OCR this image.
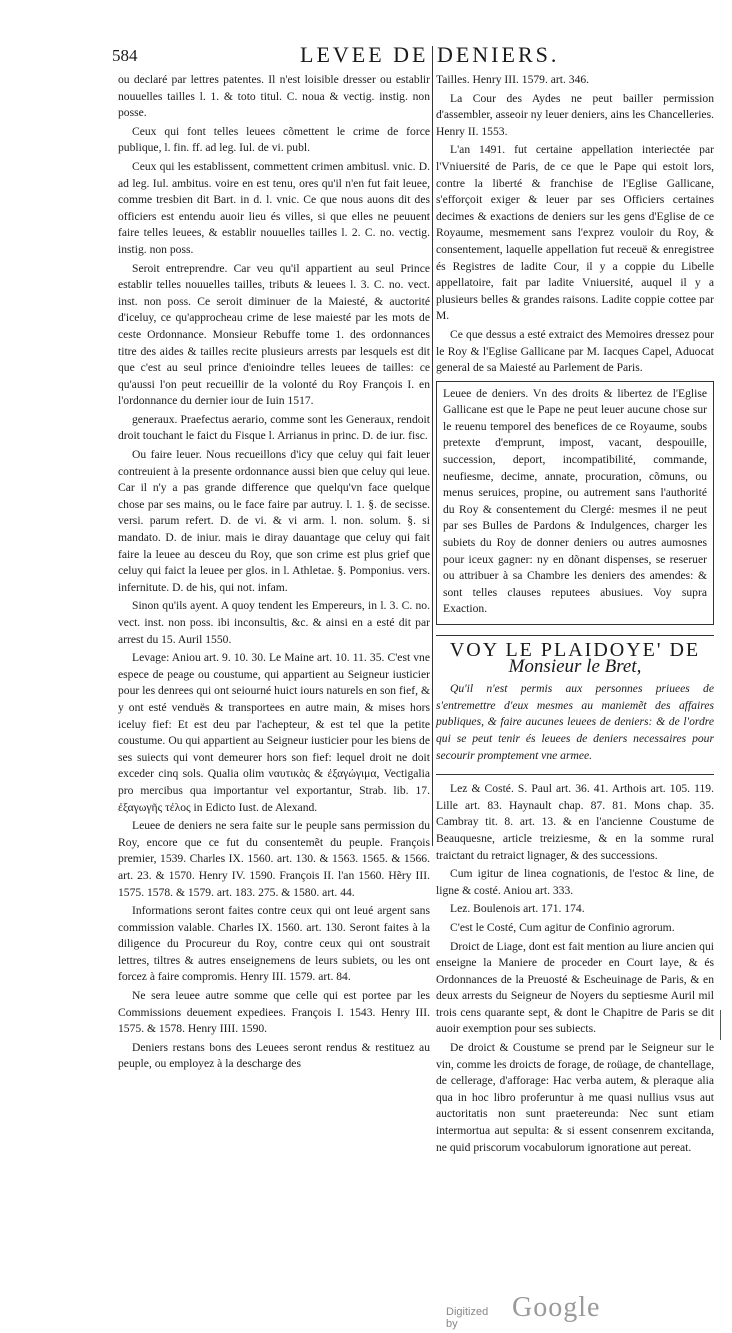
584	LEVEE DE DENIERS.

ou declaré par lettres patentes. Il n'est loisible dresser ou establir nouuelles tailles l. 1. & toto titul. C. noua & vectig. instig. non posse.

Ceux qui font telles leuees cõmettent le crime de force publique, l. fin. ff. ad leg. Iul. de vi. publ.

Ceux qui les establissent, commettent crimen ambitusl. vnic. D. ad leg. Iul. ambitus. voire en est tenu, ores qu'il n'en fut fait leuee, comme tresbien dit Bart. in d. l. vnic. Ce que nous auons dit des officiers est entendu auoir lieu és villes, si que elles ne peuuent faire telles leuees, & establir nouuelles tailles l. 2. C. no. vectig. instig. non poss.

Seroit entreprendre. Car veu qu'il appartient au seul Prince establir telles nouuelles tailles, tributs & leuees l. 3. C. no. vect. inst. non poss. Ce seroit diminuer de la Maiesté, & auctorité d'iceluy, ce qu'approcheau crime de lese maiesté par les mots de ceste Ordonnance. Monsieur Rebuffe tome 1. des ordonnances titre des aides & tailles recite plusieurs arrests par lesquels est dit que c'est au seul prince d'enioindre telles leuees de tailles: ce qu'aussi l'on peut recueillir de la volonté du Roy François I. en l'ordonnance du dernier iour de Iuin 1517.

generaux. Praefectus aerario, comme sont les Generaux, rendoit droit touchant le faict du Fisque l. Arrianus in princ. D. de iur. fisc.

Ou faire leuer. Nous recueillons d'icy que celuy qui fait leuer contreuient à la presente ordonnance aussi bien que celuy qui leue. Car il n'y a pas grande difference que quelqu'vn face quelque chose par ses mains, ou le face faire par autruy. l. 1. §. de secisse. versi. parum refert. D. de vi. & vi arm. l. non. solum. §. si mandato. D. de iniur. mais ie diray dauantage que celuy qui fait faire la leuee au desceu du Roy, que son crime est plus grief que celuy qui faict la leuee per glos. in l. Athletae. §. Pomponius. vers. infernitute. D. de his, qui not. infam.

Sinon qu'ils ayent. A quoy tendent les Empereurs, in l. 3. C. no. vect. inst. non poss. ibi inconsultis, &c. & ainsi en a esté dit par arrest du 15. Auril 1550.

Levage: Aniou art. 9. 10. 30. Le Maine art. 10. 11. 35. C'est vne espece de peage ou coustume, qui appartient au Seigneur iusticier pour les denrees qui ont seiourné huict iours naturels en son fief, & y ont esté venduës & transportees en autre main, & mises hors iceluy fief: Et est deu par l'achepteur, & est tel que la petite coustume. Ou qui appartient au Seigneur iusticier pour les biens de ses suiects qui vont demeurer hors son fief: lequel droit ne doit exceder cinq sols. Qualia olim ναυτικὰς & ἐξαγώγιμα, Vectigalia pro mercibus qua importantur vel exportantur, Strab. lib. 17. ἐξαγωγῆς τέλος in Edicto Iust. de Alexand.

Leuee de deniers ne sera faite sur le peuple sans permission du Roy, encore que ce fut du consentemẽt du peuple. François premier, 1539. Charles IX. 1560. art. 130. & 1563. 1565. & 1566. art. 23. & 1570. Henry IV. 1590. François II. l'an 1560. Hẽry III. 1575. 1578. & 1579. art. 183. 275. & 1580. art. 44.

Informations seront faites contre ceux qui ont leué argent sans commission valable. Charles IX. 1560. art. 130. Seront faites à la diligence du Procureur du Roy, contre ceux qui ont soustrait lettres, tiltres & autres enseignemens de leurs subiets, ou les ont forcez à faire compromis. Henry III. 1579. art. 84.

Ne sera leuee autre somme que celle qui est portee par les Commissions deuement expediees. François I. 1543. Henry III. 1575. & 1578. Henry IIII. 1590.

Deniers restans bons des Leuees seront rendus & restituez au peuple, ou employez à la descharge des

Tailles. Henry III. 1579. art. 346.

La Cour des Aydes ne peut bailler permission d'assembler, asseoir ny leuer deniers, ains les Chancelleries. Henry II. 1553.

L'an 1491. fut certaine appellation interiectée par l'Vniuersité de Paris, de ce que le Pape qui estoit lors, contre la liberté & franchise de l'Eglise Gallicane, s'efforçoit exiger & leuer par ses Officiers certaines decimes & exactions de deniers sur les gens d'Eglise de ce Royaume, mesmement sans l'exprez vouloir du Roy, & consentement, laquelle appellation fut receuë & enregistree és Registres de ladite Cour, il y a coppie du Libelle appellatoire, fait par ladite Vniuersité, auquel il y a plusieurs belles & grandes raisons. Ladite coppie cottee par M.

Ce que dessus a esté extraict des Memoires dressez pour le Roy & l'Eglise Gallicane par M. Iacques Capel, Aduocat general de sa Maiesté au Parlement de Paris.

Leuee de deniers. Vn des droits & libertez de l'Eglise Gallicane est que le Pape ne peut leuer aucune chose sur le reuenu temporel des benefices de ce Royaume, soubs pretexte d'emprunt, impost, vacant, despouille, succession, deport, incompatibilité, commande, neufiesme, decime, annate, procuration, cõmuns, ou menus seruices, propine, ou autrement sans l'authorité du Roy & consentement du Clergé: mesmes il ne peut par ses Bulles de Pardons & Indulgences, charger les subiets du Roy de donner deniers ou autres aumosnes pour iceux gagner: ny en dõnant dispenses, se reseruer ou attribuer à sa Chambre les deniers des amendes: & sont telles clauses reputees abusiues. Voy supra Exaction.

VOY LE PLAIDOYE' DE
Monsieur le Bret,

Qu'il n'est permis aux personnes priuees de s'entremettre d'eux mesmes au maniemẽt des affaires publiques, & faire aucunes leuees de deniers: & de l'ordre qui se peut tenir és leuees de deniers necessaires pour secourir promptement vne armee.

Lez & Costé. S. Paul art. 36. 41. Arthois art. 105. 119. Lille art. 83. Haynault chap. 87. 81. Mons chap. 35. Cambray tit. 8. art. 13. & en l'ancienne Coustume de Beauquesne, article treiziesme, & en la somme rural traictant du retraict lignager, & des successions.

Cum igitur de linea cognationis, de l'estoc & line, de ligne & costé. Aniou art. 333.

Lez. Boulenois art. 171. 174.

C'est le Costé, Cum agitur de Confinio agrorum.

Droict de Liage, dont est fait mention au liure ancien qui enseigne la Maniere de proceder en Court laye, & és Ordonnances de la Preuosté & Escheuinage de Paris, & en deux arrests du Seigneur de Noyers du septiesme Auril mil trois cens quarante sept, & dont le Chapitre de Paris se dit auoir exemption pour ses subiects.

De droict & Coustume se prend par le Seigneur sur le vin, comme les droicts de forage, de roüage, de chantellage, de cellerage, d'afforage: Hac verba autem, & pleraque alia qua in hoc libro proferuntur à me quasi nullius vsus aut auctoritatis non sunt praetereunda: Nec sunt etiam intermortua aut sepulta: & si essent consenrem excitanda, ne quid priscorum vocabulorum ignoratione aut pereat.

Digitized by
Google
